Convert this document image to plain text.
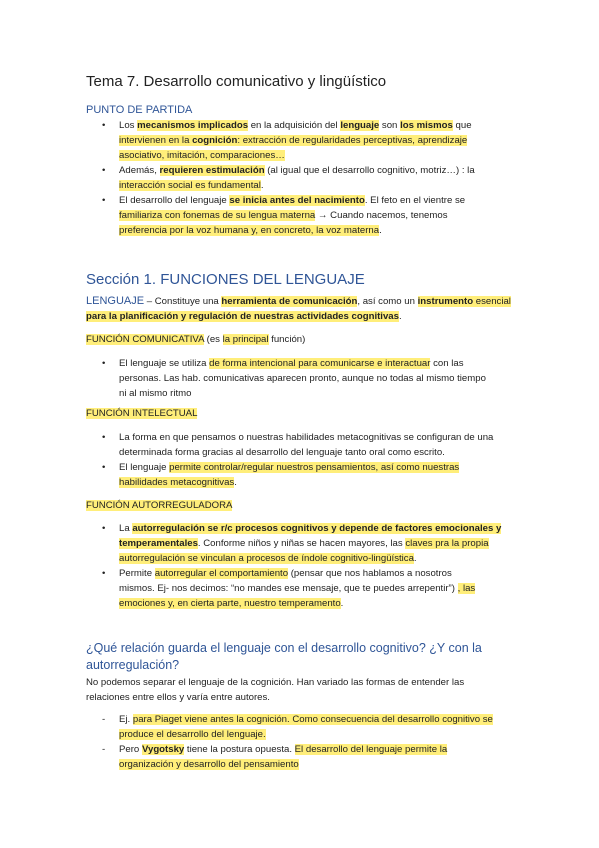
Tema 7. Desarrollo comunicativo y lingüístico
PUNTO DE PARTIDA
• Los mecanismos implicados en la adquisición del lenguaje son los mismos que
intervienen en la cognición: extracción de regularidades perceptivas, aprendizaje
asociativo, imitación, comparaciones…
• Además, requieren estimulación (al igual que el desarrollo cognitivo, motriz…) : la
interacción social es fundamental.
• El desarrollo del lenguaje se inicia antes del nacimiento. El feto en el vientre se
familiariza con fonemas de su lengua materna → Cuando nacemos, tenemos
preferencia por la voz humana y, en concreto, la voz materna.
Sección 1. FUNCIONES DEL LENGUAJE
LENGUAJE – Constituye una herramienta de comunicación, así como un instrumento esencial
para la planificación y regulación de nuestras actividades cognitivas.
FUNCIÓN COMUNICATIVA (es la principal función)
• El lenguaje se utiliza de forma intencional para comunicarse e interactuar con las
personas. Las hab. comunicativas aparecen pronto, aunque no todas al mismo tiempo
ni al mismo ritmo
FUNCIÓN INTELECTUAL
• La forma en que pensamos o nuestras habilidades metacognitivas se configuran de una
determinada forma gracias al desarrollo del lenguaje tanto oral como escrito.
• El lenguaje permite controlar/regular nuestros pensamientos, así como nuestras
habilidades metacognitivas.
FUNCIÓN AUTORREGULADORA
• La autorregulación se r/c procesos cognitivos y depende de factores emocionales y
temperamentales. Conforme niños y niñas se hacen mayores, las claves pra la propia
autorregulación se vinculan a procesos de índole cognitivo-lingüística.
• Permite autorregular el comportamiento (pensar que nos hablamos a nosotros
mismos. Ej- nos decimos: “no mandes ese mensaje, que te puedes arrepentir”) , las
emociones y, en cierta parte, nuestro temperamento.
¿Qué relación guarda el lenguaje con el desarrollo cognitivo? ¿Y con la
autorregulación?
No podemos separar el lenguaje de la cognición. Han variado las formas de entender las
relaciones entre ellos y varía entre autores.
- Ej. para Piaget viene antes la cognición. Como consecuencia del desarrollo cognitivo se
produce el desarrollo del lenguaje.
- Pero Vygotsky tiene la postura opuesta. El desarrollo del lenguaje permite la
organización y desarrollo del pensamiento
